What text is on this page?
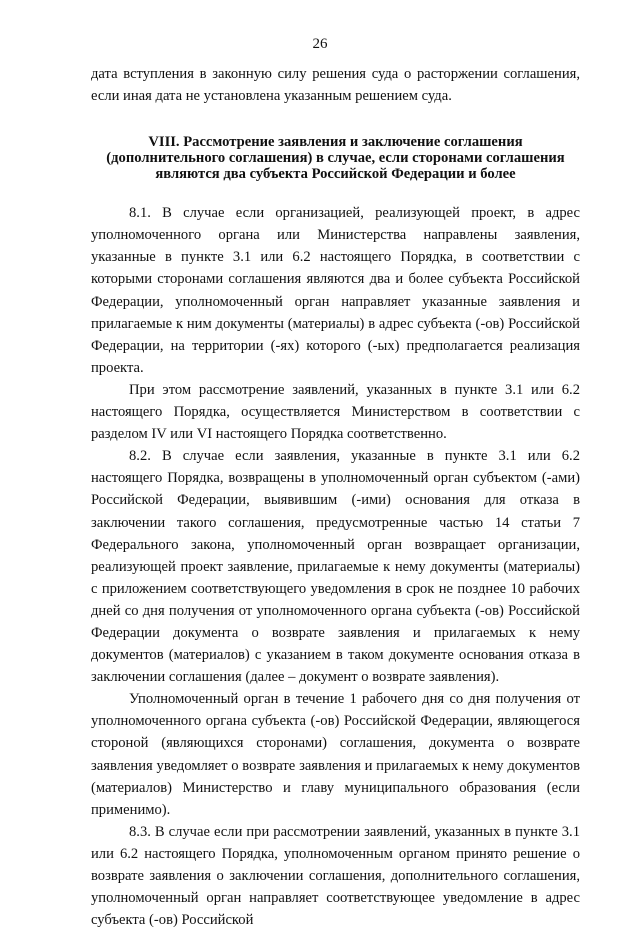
26

дата вступления в законную силу решения суда о расторжении соглашения, если иная дата не установлена указанным решением суда.

VIII. Рассмотрение заявления и заключение соглашения (дополнительного соглашения) в случае, если сторонами соглашения являются два субъекта Российской Федерации и более

8.1. В случае если организацией, реализующей проект, в адрес уполномоченного органа или Министерства направлены заявления, указанные в пункте 3.1 или 6.2 настоящего Порядка, в соответствии с которыми сторонами соглашения являются два и более субъекта Российской Федерации, уполномоченный орган направляет указанные заявления и прилагаемые к ним документы (материалы) в адрес субъекта (-ов) Российской Федерации, на территории (-ях) которого (-ых) предполагается реализация проекта.

При этом рассмотрение заявлений, указанных в пункте 3.1 или 6.2 настоящего Порядка, осуществляется Министерством в соответствии с разделом IV или VI настоящего Порядка соответственно.

8.2. В случае если заявления, указанные в пункте 3.1 или 6.2 настоящего Порядка, возвращены в уполномоченный орган субъектом (-ами) Российской Федерации, выявившим (-ими) основания для отказа в заключении такого соглашения, предусмотренные частью 14 статьи 7 Федерального закона, уполномоченный орган возвращает организации, реализующей проект заявление, прилагаемые к нему документы (материалы) с приложением соответствующего уведомления в срок не позднее 10 рабочих дней со дня получения от уполномоченного органа субъекта (-ов) Российской Федерации документа о возврате заявления и прилагаемых к нему документов (материалов) с указанием в таком документе основания отказа в заключении соглашения (далее – документ о возврате заявления).

Уполномоченный орган в течение 1 рабочего дня со дня получения от уполномоченного органа субъекта (-ов) Российской Федерации, являющегося стороной (являющихся сторонами) соглашения, документа о возврате заявления уведомляет о возврате заявления и прилагаемых к нему документов (материалов) Министерство и главу муниципального образования (если применимо).

8.3. В случае если при рассмотрении заявлений, указанных в пункте 3.1 или 6.2 настоящего Порядка, уполномоченным органом принято решение о возврате заявления о заключении соглашения, дополнительного соглашения, уполномоченный орган направляет соответствующее уведомление в адрес субъекта (-ов) Российской
